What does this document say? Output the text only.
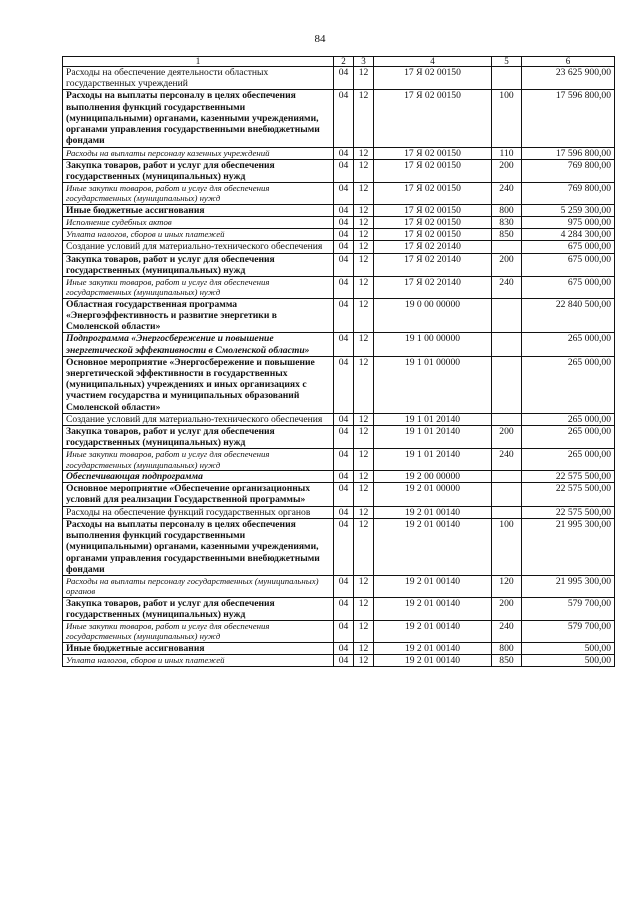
84
1	2	3	4	5	6
Расходы на обеспечение деятельности областных государственных учреждений	04	12	17 Я 02 00150		23 625 900,00
Расходы на выплаты персоналу в целях обеспечения выполнения функций государственными (муниципальными) органами, казенными учреждениями, органами управления государственными внебюджетными фондами	04	12	17 Я 02 00150	100	17 596 800,00
Расходы на выплаты персоналу казенных учреждений	04	12	17 Я 02 00150	110	17 596 800,00
Закупка товаров, работ и услуг для обеспечения государственных (муниципальных) нужд	04	12	17 Я 02 00150	200	769 800,00
Иные закупки товаров, работ и услуг для обеспечения государственных (муниципальных) нужд	04	12	17 Я 02 00150	240	769 800,00
Иные бюджетные ассигнования	04	12	17 Я 02 00150	800	5 259 300,00
Исполнение судебных актов	04	12	17 Я 02 00150	830	975 000,00
Уплата налогов, сборов и иных платежей	04	12	17 Я 02 00150	850	4 284 300,00
Создание условий для материально-технического обеспечения	04	12	17 Я 02 20140		675 000,00
Закупка товаров, работ и услуг для обеспечения государственных (муниципальных) нужд	04	12	17 Я 02 20140	200	675 000,00
Иные закупки товаров, работ и услуг для обеспечения государственных (муниципальных) нужд	04	12	17 Я 02 20140	240	675 000,00
Областная государственная программа «Энергоэффективность и развитие энергетики в Смоленской области»	04	12	19 0 00 00000		22 840 500,00
Подпрограмма «Энергосбережение и повышение энергетической эффективности в Смоленской области»	04	12	19 1 00 00000		265 000,00
Основное мероприятие «Энергосбережение и повышение энергетической эффективности в государственных (муниципальных) учреждениях и иных организациях с участием государства и муниципальных образований Смоленской области»	04	12	19 1 01 00000		265 000,00
Создание условий для материально-технического обеспечения	04	12	19 1 01 20140		265 000,00
Закупка товаров, работ и услуг для обеспечения государственных (муниципальных) нужд	04	12	19 1 01 20140	200	265 000,00
Иные закупки товаров, работ и услуг для обеспечения государственных (муниципальных) нужд	04	12	19 1 01 20140	240	265 000,00
Обеспечивающая подпрограмма	04	12	19 2 00 00000		22 575 500,00
Основное мероприятие «Обеспечение организационных условий для реализации Государственной программы»	04	12	19 2 01 00000		22 575 500,00
Расходы на обеспечение функций государственных органов	04	12	19 2 01 00140		22 575 500,00
Расходы на выплаты персоналу в целях обеспечения выполнения функций государственными (муниципальными) органами, казенными учреждениями, органами управления государственными внебюджетными фондами	04	12	19 2 01 00140	100	21 995 300,00
Расходы на выплаты персоналу государственных (муниципальных) органов	04	12	19 2 01 00140	120	21 995 300,00
Закупка товаров, работ и услуг для обеспечения государственных (муниципальных) нужд	04	12	19 2 01 00140	200	579 700,00
Иные закупки товаров, работ и услуг для обеспечения государственных (муниципальных) нужд	04	12	19 2 01 00140	240	579 700,00
Иные бюджетные ассигнования	04	12	19 2 01 00140	800	500,00
Уплата налогов, сборов и иных платежей	04	12	19 2 01 00140	850	500,00
